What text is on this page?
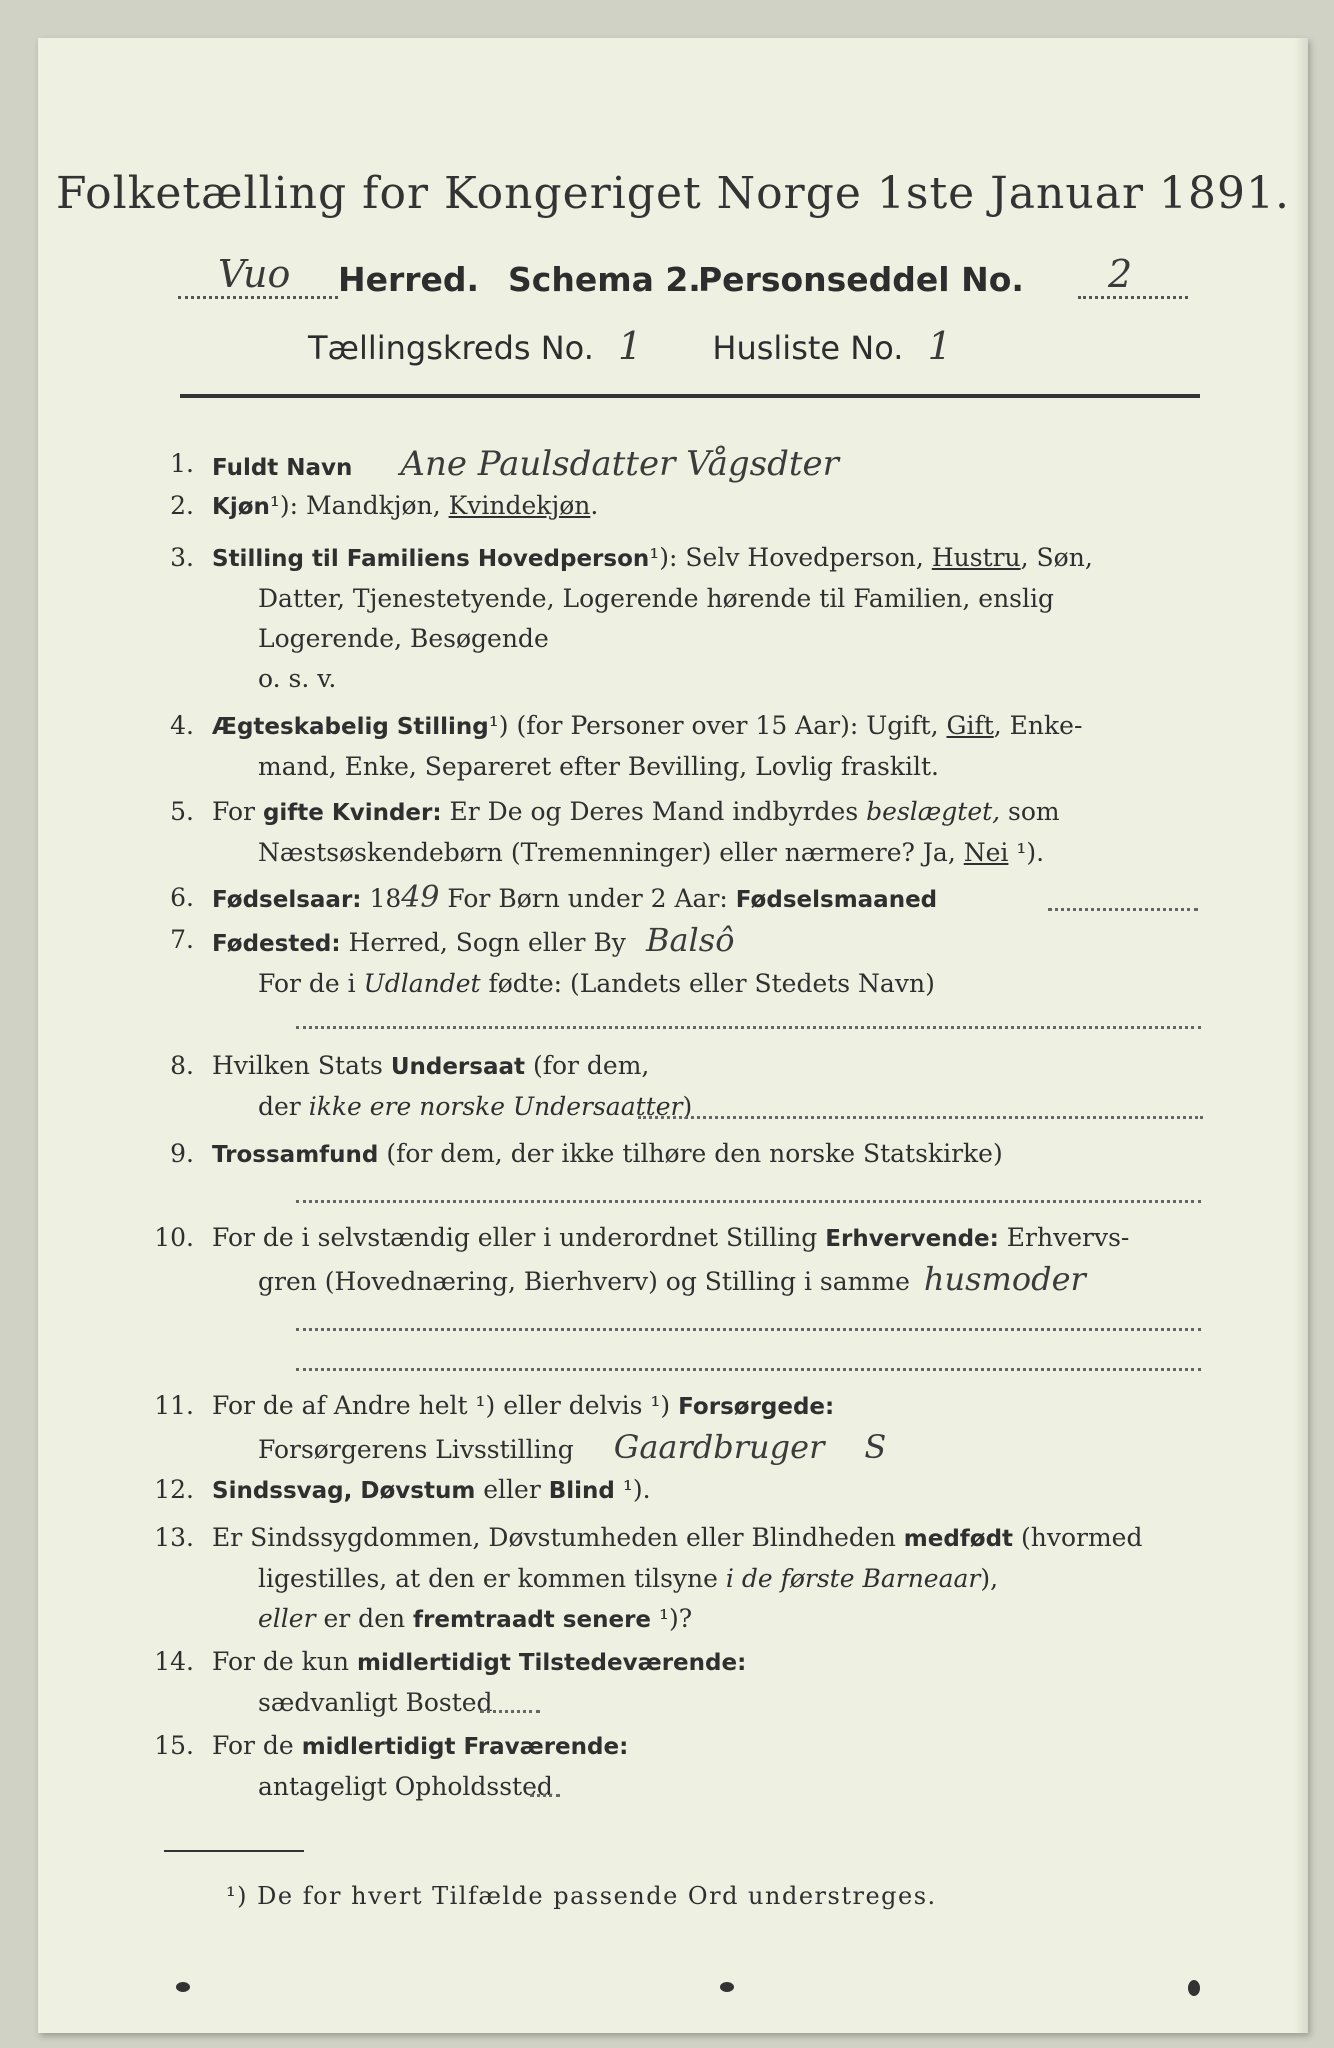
Folketælling for Kongeriget Norge 1ste Januar 1891.
Vuo Herred. Schema 2.
Personseddel No. 2
Tællingskreds No. 1 Husliste No. 1
1. Fuldt Navn Ane Paulsdatter Vågsdter
2. Kjøn¹): Mandkjøn, Kvindekjøn.
3. Stilling til Familiens Hovedperson¹): Selv Hovedperson, Hustru, Søn,
Datter, Tjenestetyende, Logerende hørende til Familien, enslig
Logerende, Besøgende
o. s. v.
4. Ægteskabelig Stilling¹) (for Personer over 15 Aar): Ugift, Gift, Enke-
mand, Enke, Separeret efter Bevilling, Lovlig fraskilt.
5. For gifte Kvinder: Er De og Deres Mand indbyrdes beslægtet, som
Næstsøskendebørn (Tremenninger) eller nærmere? Ja, Nei ¹).
6. Fødselsaar: 1849 For Børn under 2 Aar: Fødselsmaaned
7. Fødested: Herred, Sogn eller By Balsô
For de i Udlandet fødte: (Landets eller Stedets Navn)
8. Hvilken Stats Undersaat (for dem,
der ikke ere norske Undersaatter)
9. Trossamfund (for dem, der ikke tilhøre den norske Statskirke)
10. For de i selvstændig eller i underordnet Stilling Erhvervende: Erhvervs-
gren (Hovednæring, Bierhverv) og Stilling i samme husmoder
11. For de af Andre helt ¹) eller delvis ¹) Forsørgede:
Forsørgerens Livsstilling Gaardbruger S
12. Sindssvag, Døvstum eller Blind ¹).
13. Er Sindssygdommen, Døvstumheden eller Blindheden medfødt (hvormed
ligestilles, at den er kommen tilsyne i de første Barneaar),
eller er den fremtraadt senere ¹)?
14. For de kun midlertidigt Tilstedeværende:
sædvanligt Bosted
15. For de midlertidigt Fraværende:
antageligt Opholdssted
¹) De for hvert Tilfælde passende Ord understreges.
